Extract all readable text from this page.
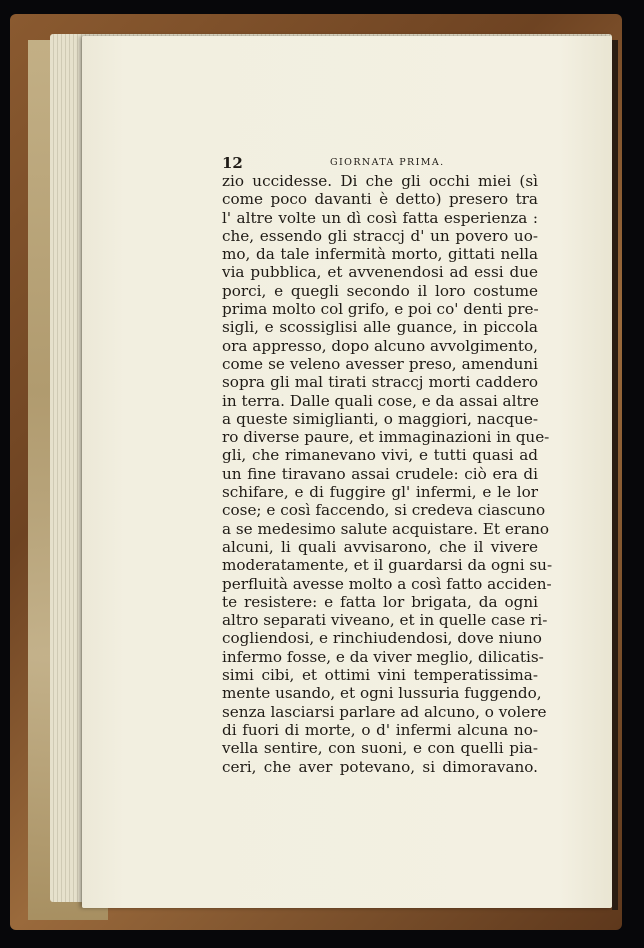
12	GIORNATA PRIMA.
zio uccidesse. Di che gli occhi miei (sì
come poco davanti è detto) presero tra
l' altre volte un dì così fatta esperienza :
che, essendo gli straccj d' un povero uo-
mo, da tale infermità morto, gittati nella
via pubblica, et avvenendosi ad essi due
porci, e quegli secondo il loro costume
prima molto col grifo, e poi co' denti pre-
sigli, e scossiglisi alle guance, in piccola
ora appresso, dopo alcuno avvolgimento,
come se veleno avesser preso, amenduni
sopra gli mal tirati straccj morti caddero
in terra. Dalle quali cose, e da assai altre
a queste simiglianti, o maggiori, nacque-
ro diverse paure, et immaginazioni in que-
gli, che rimanevano vivi, e tutti quasi ad
un fine tiravano assai crudele: ciò era di
schifare, e di fuggire gl' infermi, e le lor
cose; e così faccendo, si credeva ciascuno
a se medesimo salute acquistare. Et erano
alcuni, li quali avvisarono, che il vivere
moderatamente, et il guardarsi da ogni su-
perfluità avesse molto a così fatto acciden-
te resistere: e fatta lor brigata, da ogni
altro separati viveano, et in quelle case ri-
cogliendosi, e rinchiudendosi, dove niuno
infermo fosse, e da viver meglio, dilicatis-
simi cibi, et ottimi vini temperatissima-
mente usando, et ogni lussuria fuggendo,
senza lasciarsi parlare ad alcuno, o volere
di fuori di morte, o d' infermi alcuna no-
vella sentire, con suoni, e con quelli pia-
ceri, che aver potevano, si dimoravano.
